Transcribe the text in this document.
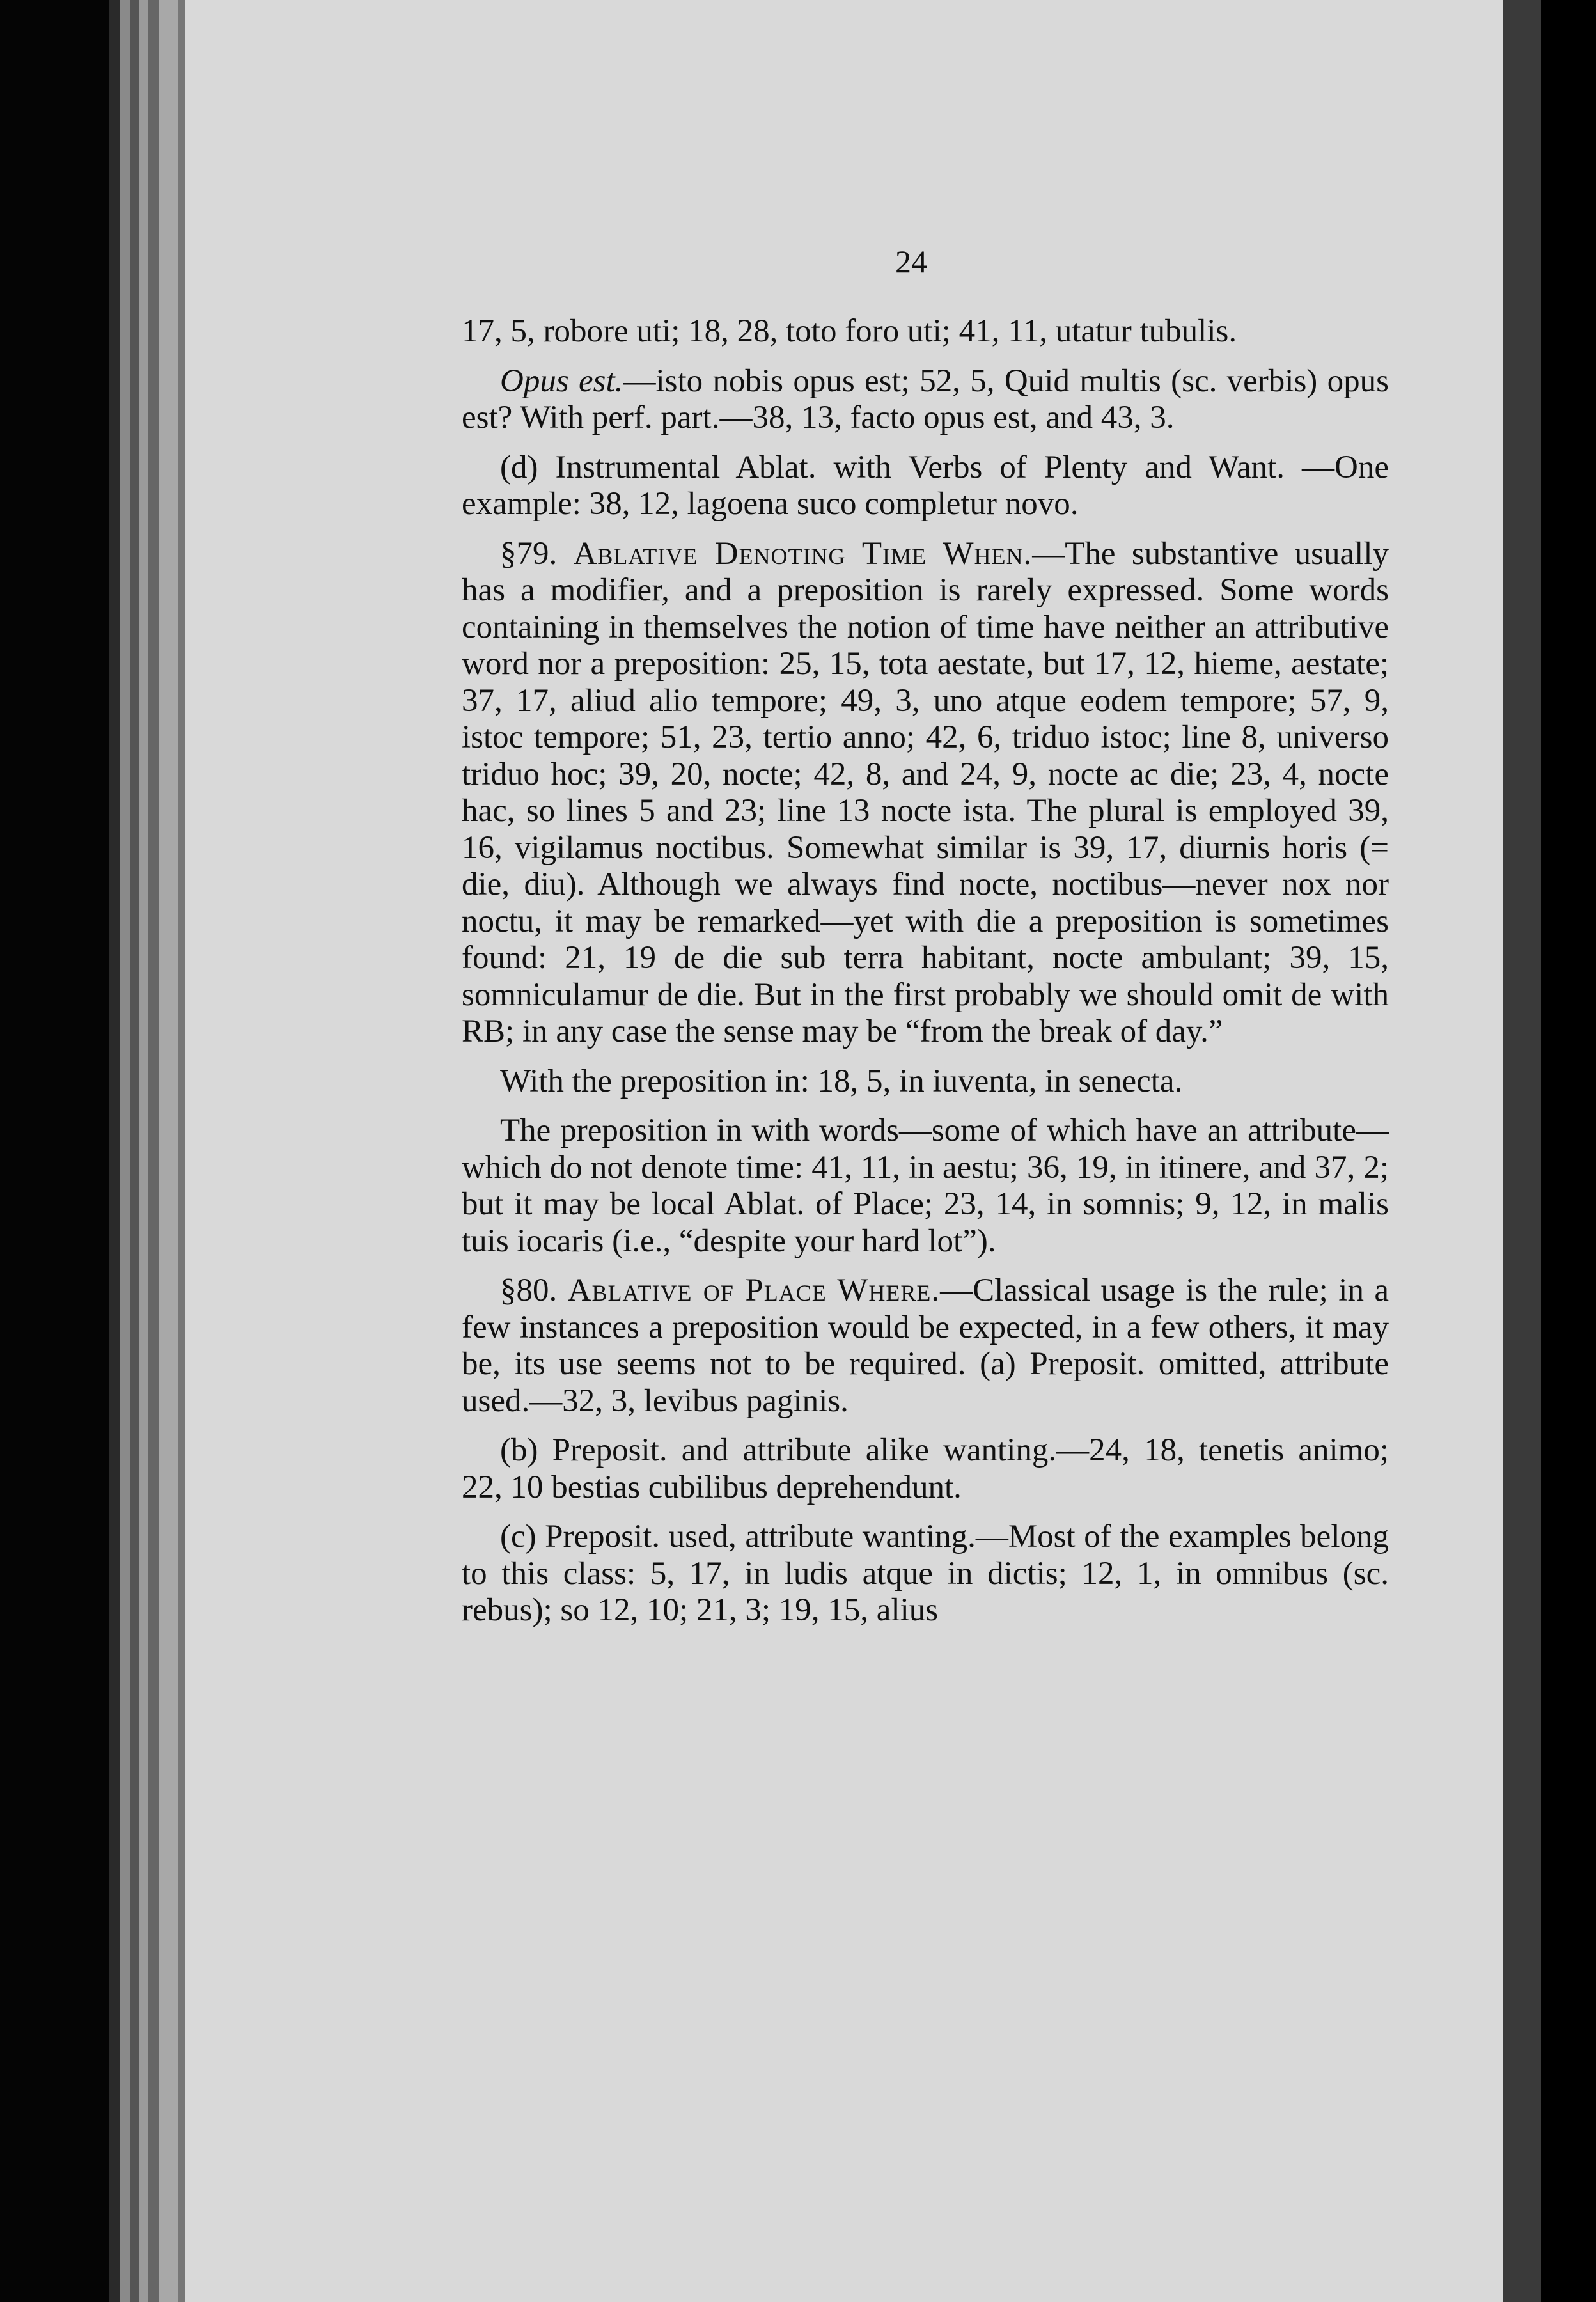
24

17, 5, robore uti; 18, 28, toto foro uti; 41, 11, utatur tubulis.

Opus est.—isto nobis opus est; 52, 5, Quid multis (sc. verbis) opus est? With perf. part.—38, 13, facto opus est, and 43, 3.

(d) Instrumental Ablat. with Verbs of Plenty and Want. —One example: 38, 12, lagoena suco completur novo.

§79. Ablative Denoting Time When.—The substantive usually has a modifier, and a preposition is rarely expressed. Some words containing in themselves the notion of time have neither an attributive word nor a preposition: 25, 15, tota aestate, but 17, 12, hieme, aestate; 37, 17, aliud alio tempore; 49, 3, uno atque eodem tempore; 57, 9, istoc tempore; 51, 23, tertio anno; 42, 6, triduo istoc; line 8, universo triduo hoc; 39, 20, nocte; 42, 8, and 24, 9, nocte ac die; 23, 4, nocte hac, so lines 5 and 23; line 13 nocte ista. The plural is employed 39, 16, vigilamus noctibus. Somewhat similar is 39, 17, diurnis horis (= die, diu). Although we always find nocte, noctibus—never nox nor noctu, it may be remarked—yet with die a preposition is sometimes found: 21, 19 de die sub terra habitant, nocte ambulant; 39, 15, somniculamur de die. But in the first probably we should omit de with RB; in any case the sense may be “from the break of day.”

With the preposition in: 18, 5, in iuventa, in senecta.

The preposition in with words—some of which have an attribute—which do not denote time: 41, 11, in aestu; 36, 19, in itinere, and 37, 2; but it may be local Ablat. of Place; 23, 14, in somnis; 9, 12, in malis tuis iocaris (i.e., “despite your hard lot”).

§80. Ablative of Place Where.—Classical usage is the rule; in a few instances a preposition would be expected, in a few others, it may be, its use seems not to be required. (a) Preposit. omitted, attribute used.—32, 3, levibus paginis.

(b) Preposit. and attribute alike wanting.—24, 18, tenetis animo; 22, 10 bestias cubilibus deprehendunt.

(c) Preposit. used, attribute wanting.—Most of the examples belong to this class: 5, 17, in ludis atque in dictis; 12, 1, in omnibus (sc. rebus); so 12, 10; 21, 3; 19, 15, alius
